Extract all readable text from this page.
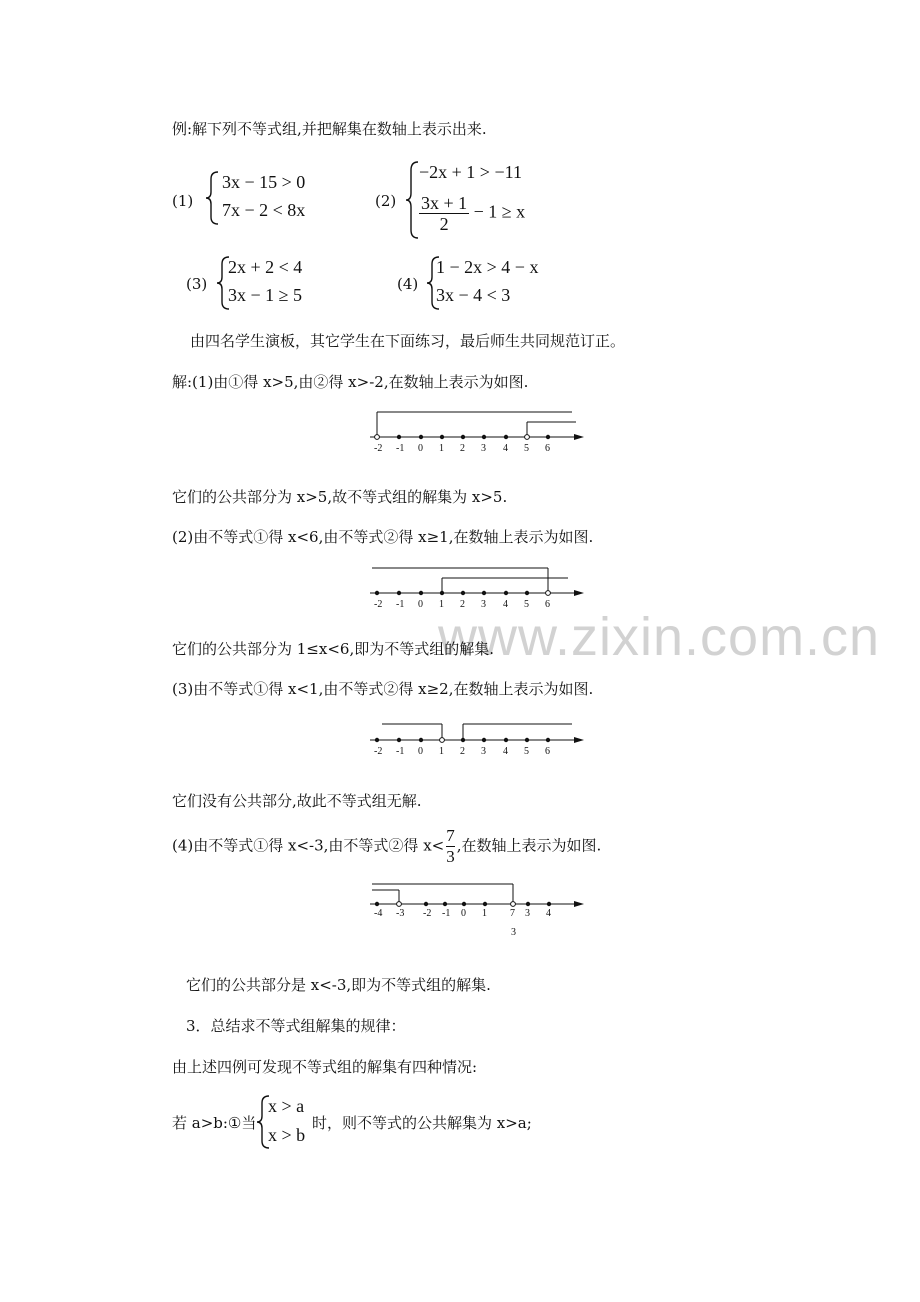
例:解下列不等式组,并把解集在数轴上表示出来.
(1)
3x − 15 > 0
7x − 2 < 8x	(2)
−2x + 1 > −11
$\frac{3x + 1}{2} - 1 \ge x$
(3)
2x + 2 < 4
3x − 1 ≥ 5
(4)
1 − 2x > 4 − x
3x − 4 < 3
由四名学生演板，其它学生在下面练习，最后师生共同规范订正。
解:(1)由①得 x>5,由②得 x>-2,在数轴上表示为如图.
-2 -1 0 1 2 3 4 5 6
它们的公共部分为 x>5,故不等式组的解集为 x>5.
(2)由不等式①得 x<6,由不等式②得 x≥1,在数轴上表示为如图.
-2 -1 0 1 2 3 4 5 6
www.zixin.com.cn
它们的公共部分为 1≤x<6,即为不等式组的解集.
(3)由不等式①得 x<1,由不等式②得 x≥2,在数轴上表示为如图.
-2 -1 0 1 2 3 4 5 6
它们没有公共部分,故此不等式组无解.
(4)由不等式①得 x<-3,由不等式②得 $x< \frac{7}{3}$ ,在数轴上表示为如图.
-4 -3 -2 -1 0 1 7 3 4
3
它们的公共部分是 x<-3,即为不等式组的解集.
3．总结求不等式组解集的规律：
由上述四例可发现不等式组的解集有四种情况:
若 a>b:①当
x > a
x > b
时，则不等式的公共解集为 x>a;
